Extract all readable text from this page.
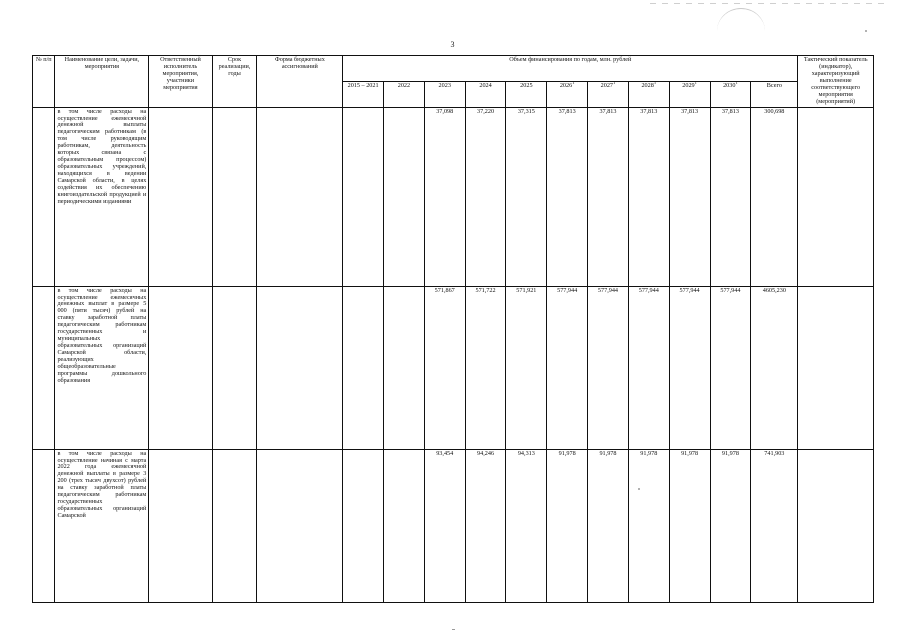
3
№ п/п	Наименование цели, задачи, мероприятия	Ответственный исполнитель мероприятия, участники мероприятия	Срок реализации, годы	Форма бюджетных ассигнований	Объем финансирования по годам, млн. рублей											Тактический показатель (индикатор), характеризующий выполнение соответствующего мероприятия (мероприятий)
					2015 – 2021	2022	2023	2024	2025	2026$^1$	2027$^1$	2028$^1$	2029$^1$	2030$^1$	Всего	
	в том числе расходы на осуществление ежемесячной денежной выплаты педагогическим работникам (в том числе руководящим работникам, деятельность которых связана с образовательным процессом) образовательных учреждений, находящихся в ведении Самарской области, в целях содействия их обеспечению книгоиздательской продукцией и периодическими изданиями						37,098	37,220	37,315	37,813	37,813	37,813	37,813	37,813	300,698	
	в том числе расходы на осуществление ежемесячных денежных выплат в размере 5 000 (пяти тысяч) рублей на ставку заработной платы педагогическим работникам государственных и муниципальных образовательных организаций Самарской области, реализующих общеобразовательные программы дошкольного образования						571,867	571,722	571,921	577,944	577,944	577,944	577,944	577,944	4605,230	
	в том числе расходы на осуществление начиная с марта 2022 года ежемесячной денежной выплаты в размере 3 200 (трех тысяч двухсот) рублей на ставку заработной платы педагогическим работникам государственных образовательных организаций Самарской						93,454	94,246	94,313	91,978	91,978	91,978	91,978	91,978	741,903	
